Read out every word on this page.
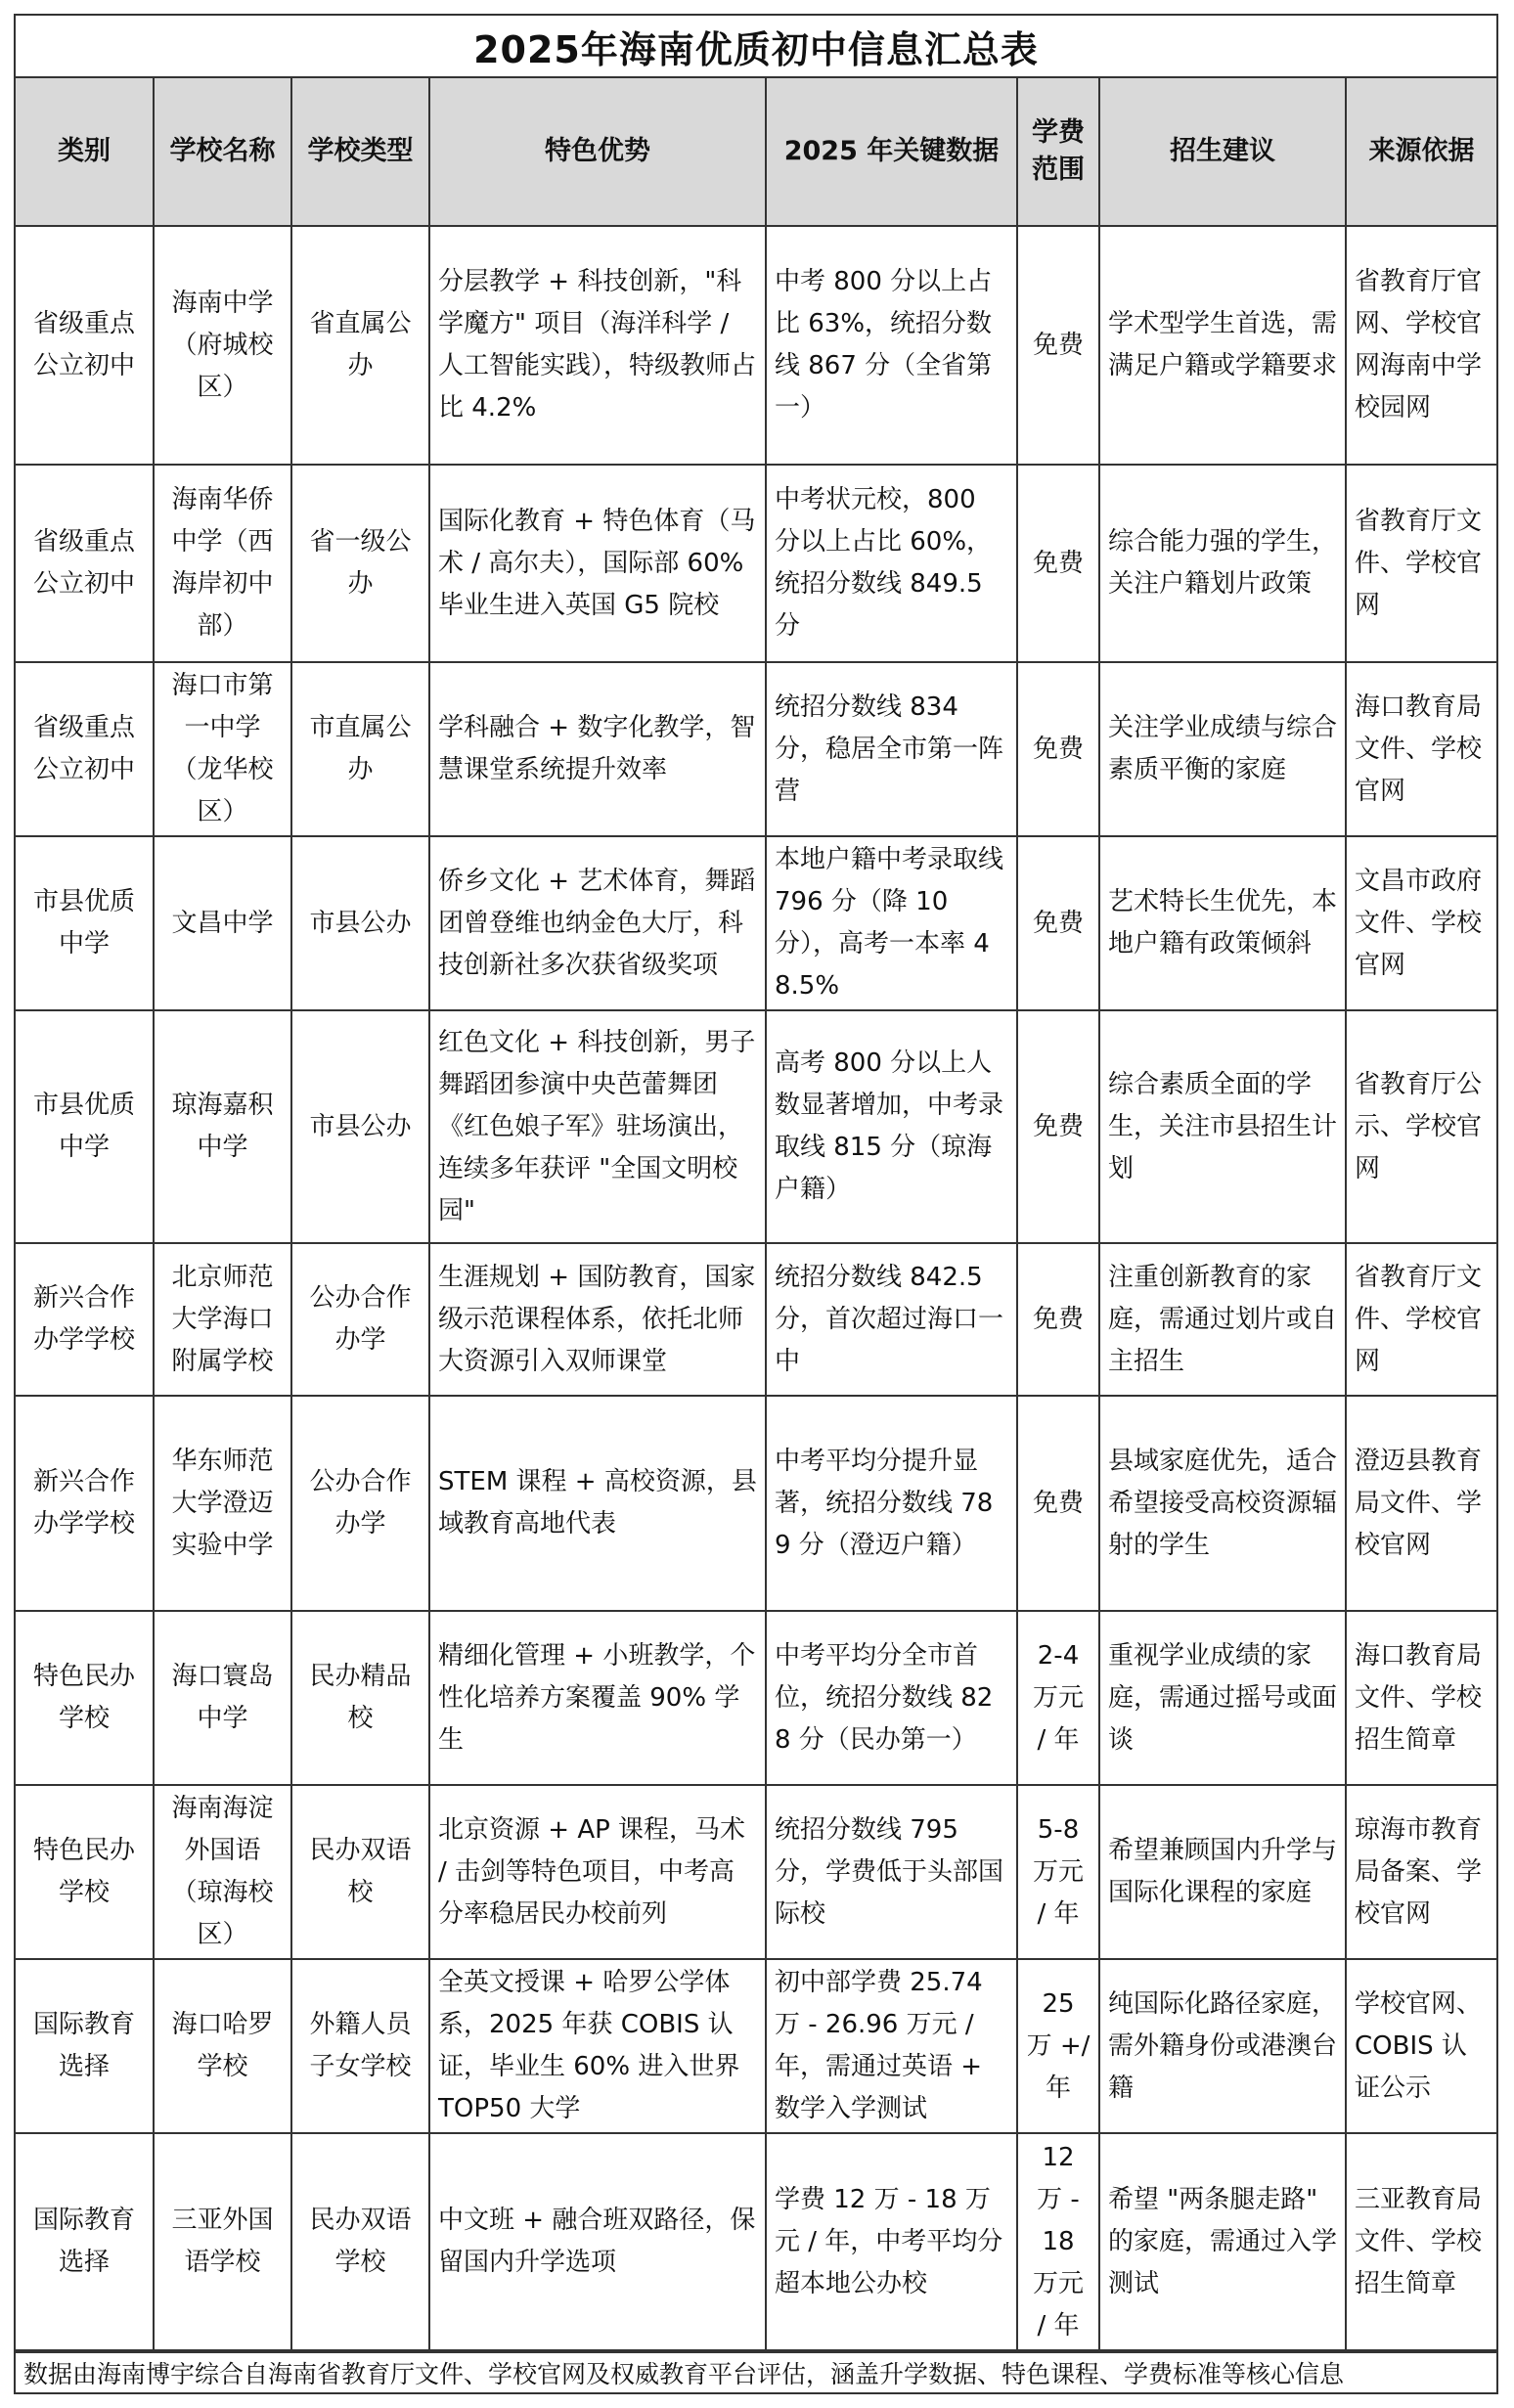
2025年海南优质初中信息汇总表
类别	学校名称	学校类型	特色优势	2025 年关键数据	学费范围	招生建议	来源依据
省级重点公立初中	海南中学（府城校区）	省直属公办	分层教学 + 科技创新，"科学魔方" 项目（海洋科学 / 人工智能实践），特级教师占比 4.2%	中考 800 分以上占比 63%，统招分数线 867 分（全省第一）	免费	学术型学生首选，需满足户籍或学籍要求	省教育厅官网、学校官网海南中学校园网
省级重点公立初中	海南华侨中学（西海岸初中部）	省一级公办	国际化教育 + 特色体育（马术 / 高尔夫），国际部 60% 毕业生进入英国 G5 院校	中考状元校，800 分以上占比 60%，统招分数线 849.5 分	免费	综合能力强的学生，关注户籍划片政策	省教育厅文件、学校官网
省级重点公立初中	海口市第一中学（龙华校区）	市直属公办	学科融合 + 数字化教学，智慧课堂系统提升效率	统招分数线 834 分，稳居全市第一阵营	免费	关注学业成绩与综合素质平衡的家庭	海口教育局文件、学校官网
市县优质中学	文昌中学	市县公办	侨乡文化 + 艺术体育，舞蹈团曾登维也纳金色大厅，科技创新社多次获省级奖项	本地户籍中考录取线 796 分（降 10 分），高考一本率 48.5%	免费	艺术特长生优先，本地户籍有政策倾斜	文昌市政府文件、学校官网
市县优质中学	琼海嘉积中学	市县公办	红色文化 + 科技创新，男子舞蹈团参演中央芭蕾舞团《红色娘子军》驻场演出，连续多年获评 "全国文明校园"	高考 800 分以上人数显著增加，中考录取线 815 分（琼海户籍）	免费	综合素质全面的学生，关注市县招生计划	省教育厅公示、学校官网
新兴合作办学学校	北京师范大学海口附属学校	公办合作办学	生涯规划 + 国防教育，国家级示范课程体系，依托北师大资源引入双师课堂	统招分数线 842.5 分，首次超过海口一中	免费	注重创新教育的家庭，需通过划片或自主招生	省教育厅文件、学校官网
新兴合作办学学校	华东师范大学澄迈实验中学	公办合作办学	STEM 课程 + 高校资源，县域教育高地代表	中考平均分提升显著，统招分数线 789 分（澄迈户籍）	免费	县域家庭优先，适合希望接受高校资源辐射的学生	澄迈县教育局文件、学校官网
特色民办学校	海口寰岛中学	民办精品校	精细化管理 + 小班教学，个性化培养方案覆盖 90% 学生	中考平均分全市首位，统招分数线 828 分（民办第一）	2-4 万元 / 年	重视学业成绩的家庭，需通过摇号或面谈	海口教育局文件、学校招生简章
特色民办学校	海南海淀外国语（琼海校区）	民办双语校	北京资源 + AP 课程，马术 / 击剑等特色项目，中考高分率稳居民办校前列	统招分数线 795 分，学费低于头部国际校	5-8 万元 / 年	希望兼顾国内升学与国际化课程的家庭	琼海市教育局备案、学校官网
国际教育选择	海口哈罗学校	外籍人员子女学校	全英文授课 + 哈罗公学体系，2025 年获 COBIS 认证，毕业生 60% 进入世界 TOP50 大学	初中部学费 25.74 万 - 26.96 万元 / 年，需通过英语 + 数学入学测试	25 万 +/ 年	纯国际化路径家庭，需外籍身份或港澳台籍	学校官网、COBIS 认证公示
国际教育选择	三亚外国语学校	民办双语学校	中文班 + 融合班双路径，保留国内升学选项	学费 12 万 - 18 万元 / 年，中考平均分超本地公办校	12 万 - 18 万元 / 年	希望 "两条腿走路" 的家庭，需通过入学测试	三亚教育局文件、学校招生简章
数据由海南博宇综合自海南省教育厅文件、学校官网及权威教育平台评估，涵盖升学数据、特色课程、学费标准等核心信息
